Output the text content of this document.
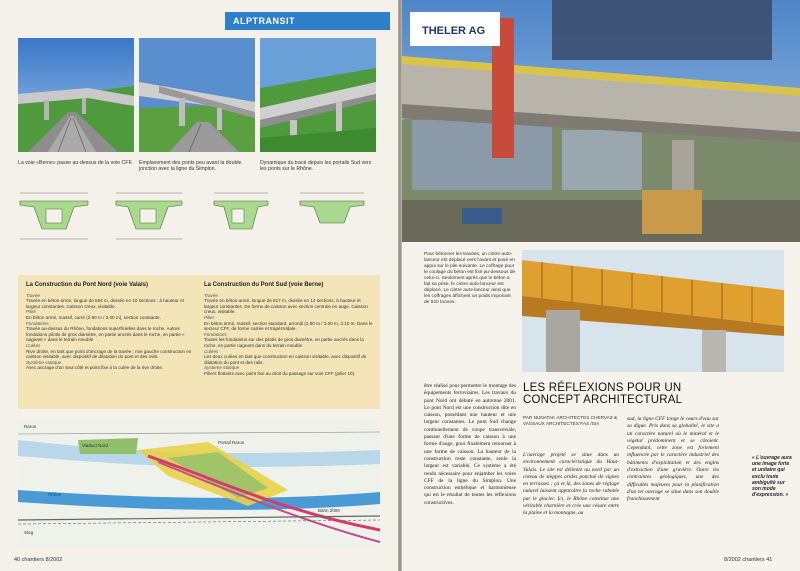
ALPTRANSIT
La voie «Berne» passe au-dessus de la voie CFF. Emplacement des ponts peu avant la double jonction avec la ligne du Simplon.
Dynamique du tracé depuis les portails Sud vers les ponts sur le Rhône.
La Construction du Pont Nord (voie Valais)
Travée
Travée en béton armé, longue de 554 m, divisée en 10 sections ; à hauteur et largeur constantes. Caisson creux, visitable.
Pilier
En béton armé, massif, carré (2.80 m / 3.00 m), section constante.
Fondations
Travée au-dessus du Rhône, fondations superficielles dans le roche. Autres fondations pilotis de gros diamètre, en partie ancrés dans le roche, en partie « nageant » dans le terrain meuble
Culées
Rive droite, en tant que point d'ancrage de la travée ; rive gauche construction en caisson visitable, avec dispositif de dilatation du pont et des rails.
Système statique
Avec ancrage d'un seul côté et point fixe à la culée de la rive droite.
La Construction du Pont Sud (voie Berne)
Travée
Travée en béton armé, longue de 817 m, divisée en 14 sections, à hauteur et largeur constantes. De forme de caisson avec section centrale en auge. Caisson creux, visitable.
Pilier
En béton armé, massif, section standard, arrondi (2.80 m / 3.00 m, 3.10 m. Dans le secteur CFF, de forme carrée et trapézoïdale.
Fondations
Toutes les fondations sur des pilotis de gros diamètre, en partie ancrés dans la roche, en partie nageant dans du terrain meuble
Culées
Les deux culées en tant que construction en caisson visitable, avec dispositif de dilatation du pont et des rails.
Système statique
Piliers flottants avec point fixe au droit du passage sur voie CFF (pilier 10).
Viaduct Nord
Rhône
Portail Raron
Bahn 2000
Raron
Steg
40 chantiers 8/2002
THELER AG
Pour bétonner les travées, un cintre auto-lanceur est déplacé vers l'avant et posé en appui sur le pile suivante. Le coffrage pour le coulage du béton est fixé au-dessous de celui-ci. Seulement après que le béton a fait sa prise, le cintre auto-lanceur est déplacé. Le cintre auto-lanceur ainsi que les coffrages affichent un poids imposant de 920 tonnes.
être réalisé pour permettre le montage des équipements ferroviaires. Les travaux du pont Nord ont débuté en automne 2001. Le pont Nord est une construction dite en caisson, possédant une hauteur et une largeur constantes. Le pont Sud change continuellement de coupe transversale, passant d'une forme de caisson à une forme d'auge, pour finalement retourner à une forme de caisson. La hauteur de la construction reste constante, seule la largeur est variable. Ce système a été rendu nécessaire pour enjamber les voies CFF de la ligne du Simplon. Une construction esthétique et harmonieuse qui est le résultat de toutes les réflexions constructives.
LES RÉFLEXIONS POUR UN CONCEPT ARCHITECTURAL
PAR NUNATAK ARCHITECTES CHERVAZ & VASSAUX ARCHITECTES FAS /SIA
L'ouvrage projeté se situe dans un environnement caractéristique du Haut-Valais. Le site est délimité au nord par un coteau de steppes arides ponctué de vignes en terrasses ; çà et là, des zones de réglage naturel laissent apparaître la roche rabotée par le glacier. Ici, le Rhône constitue une véritable charnière et crée une césure entre la plaine et la montagne, au
sud, la ligne CFF longe le cours d'eau sur sa digue. Pris dans sa globalité, le site a un caractère naturel où le minéral et le végétal prédominent et se côtoient. Cependant, cette zone est fortement influencée par le caractère industriel des bâtiments d'exploitation et des engins d'extraction d'une gravière. Outre les contraintes géologiques, une des difficultés majeures pour la planification d'un tel ouvrage se situe dans son double franchissement
« L'ouvrage aura une image forte et unitaire qui exclu toute ambiguïté sur son mode d'expression. »
8/2002 chantiers 41
